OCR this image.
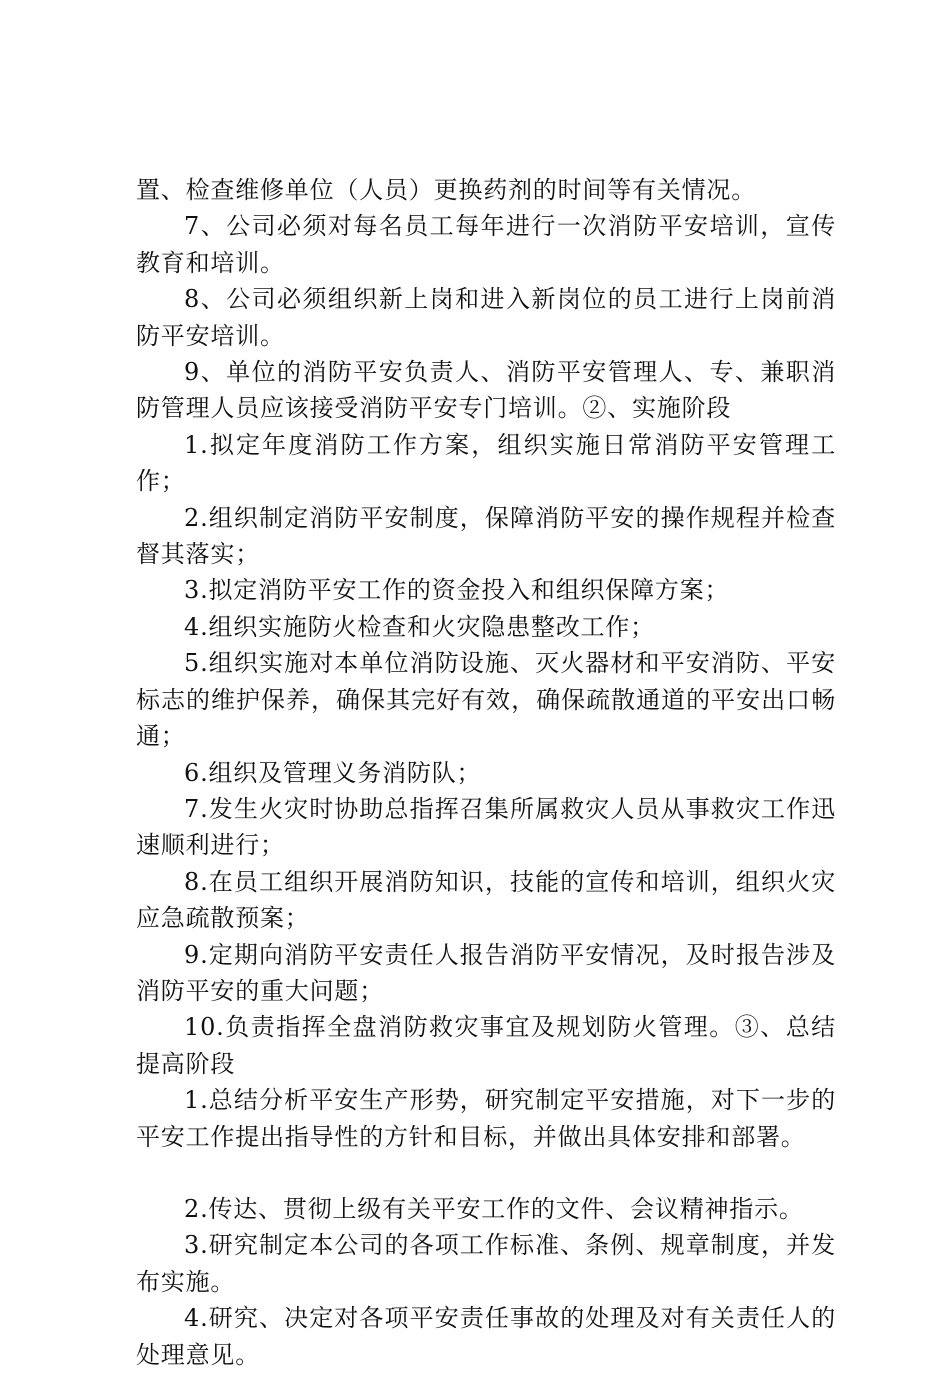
置、检查维修单位（人员）更换药剂的时间等有关情况。

7、公司必须对每名员工每年进行一次消防平安培训，宣传教育和培训。

8、公司必须组织新上岗和进入新岗位的员工进行上岗前消防平安培训。

9、单位的消防平安负责人、消防平安管理人、专、兼职消防管理人员应该接受消防平安专门培训。②、实施阶段

1.拟定年度消防工作方案，组织实施日常消防平安管理工作；

2.组织制定消防平安制度，保障消防平安的操作规程并检查督其落实；

3.拟定消防平安工作的资金投入和组织保障方案；

4.组织实施防火检查和火灾隐患整改工作；

5.组织实施对本单位消防设施、灭火器材和平安消防、平安标志的维护保养，确保其完好有效，确保疏散通道的平安出口畅通；

6.组织及管理义务消防队；

7.发生火灾时协助总指挥召集所属救灾人员从事救灾工作迅速顺利进行；

8.在员工组织开展消防知识，技能的宣传和培训，组织火灾应急疏散预案；

9.定期向消防平安责任人报告消防平安情况，及时报告涉及消防平安的重大问题；

10.负责指挥全盘消防救灾事宜及规划防火管理。③、总结提高阶段

1.总结分析平安生产形势，研究制定平安措施，对下一步的平安工作提出指导性的方针和目标，并做出具体安排和部署。

2.传达、贯彻上级有关平安工作的文件、会议精神指示。

3.研究制定本公司的各项工作标准、条例、规章制度，并发布实施。

4.研究、决定对各项平安责任事故的处理及对有关责任人的处理意见。
